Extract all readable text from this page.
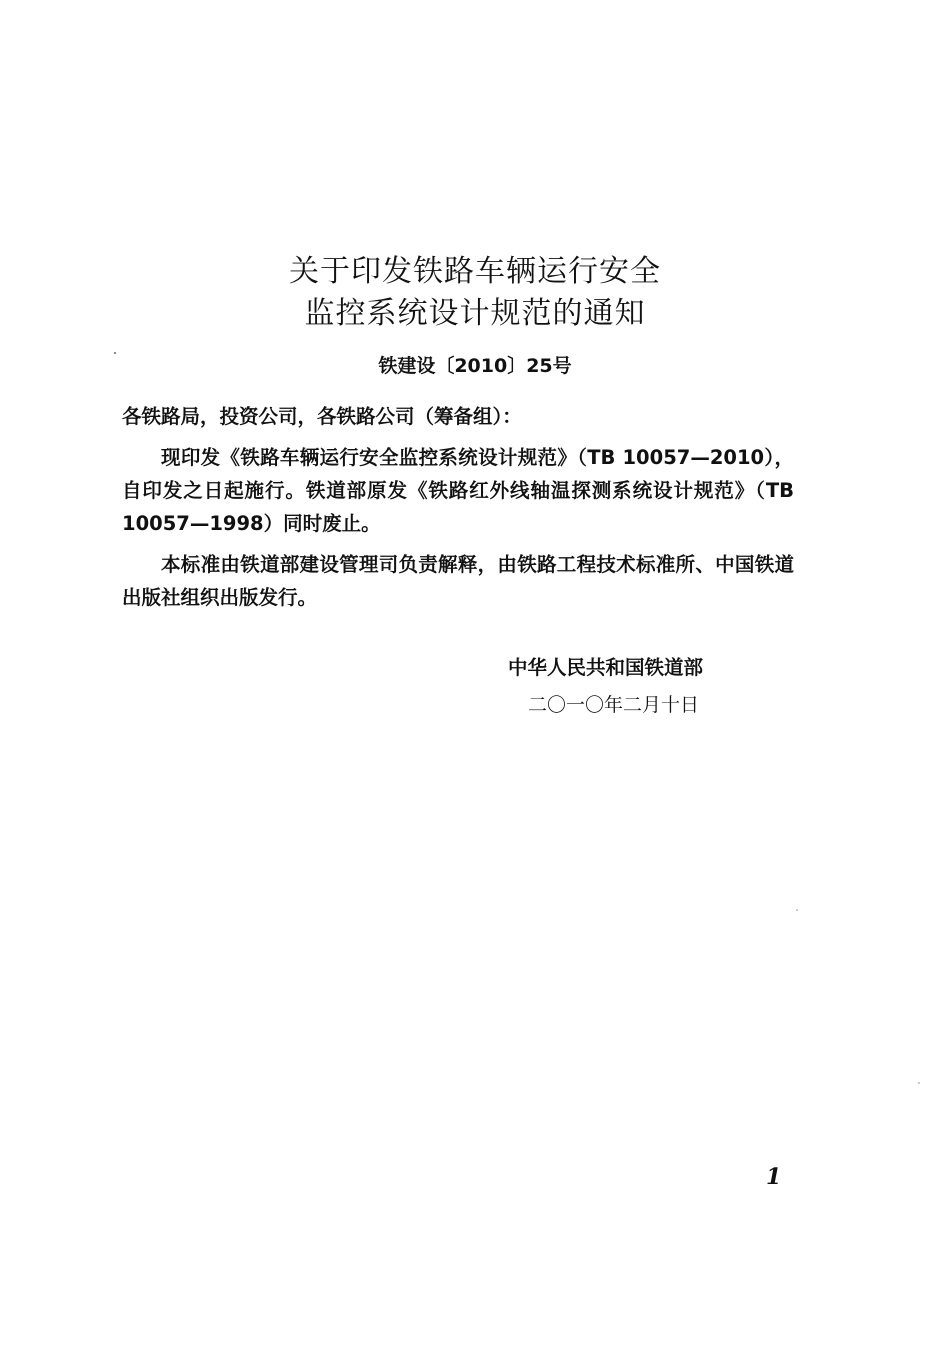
关于印发铁路车辆运行安全
监控系统设计规范的通知
铁建设〔2010〕25号
各铁路局，投资公司，各铁路公司（筹备组）：
现印发《铁路车辆运行安全监控系统设计规范》（TB 10057—2010），自印发之日起施行。铁道部原发《铁路红外线轴温探测系统设计规范》（TB 10057—1998）同时废止。
本标准由铁道部建设管理司负责解释，由铁路工程技术标准所、中国铁道出版社组织出版发行。
中华人民共和国铁道部
二〇一〇年二月十日
1
